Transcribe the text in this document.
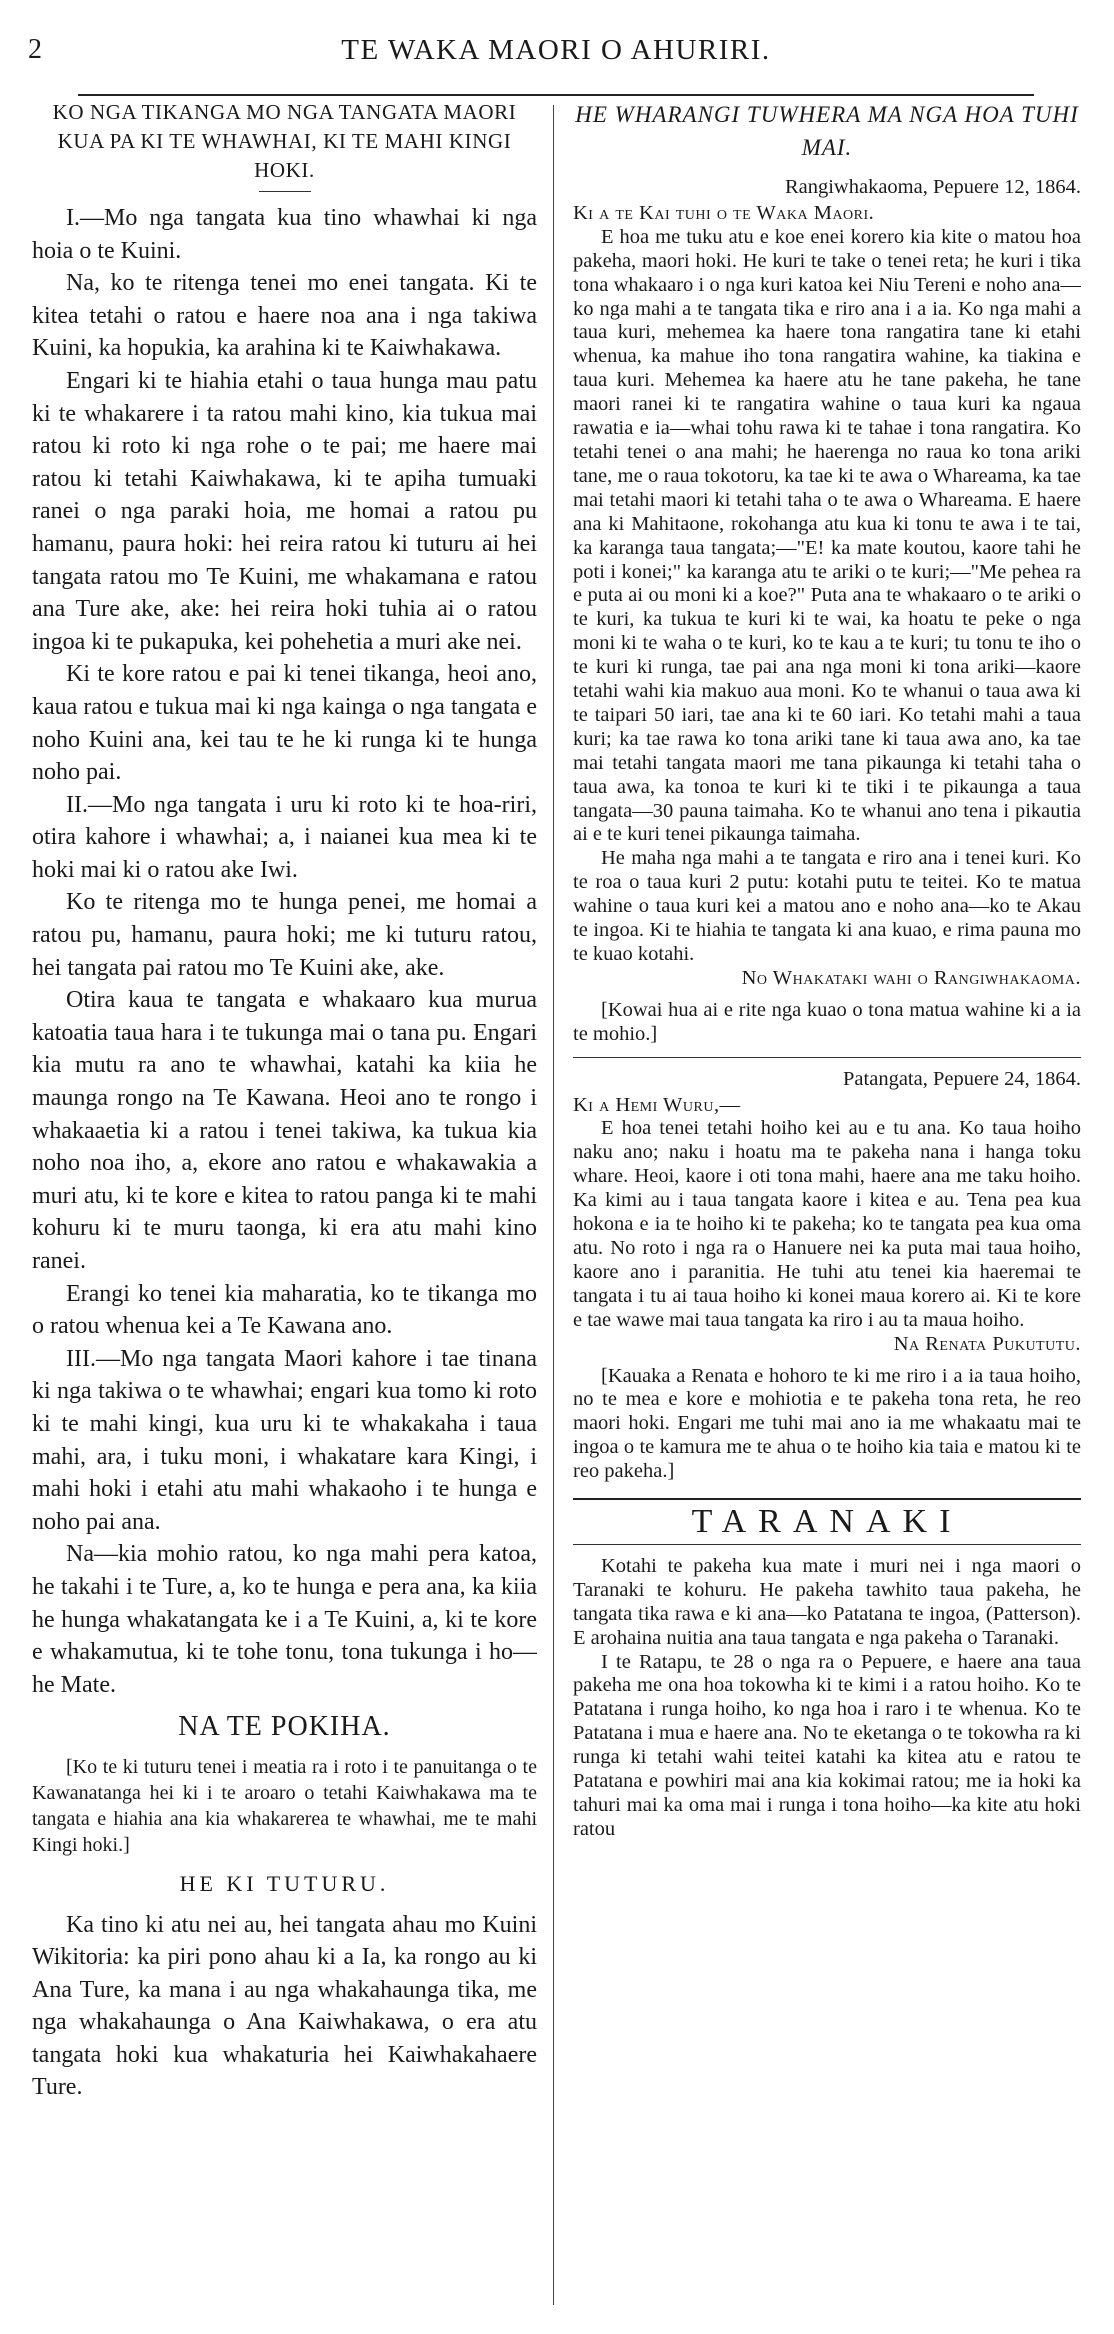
2	TE WAKA MAORI O AHURIRI.
KO NGA TIKANGA MO NGA TANGATA MAORI KUA PA KI TE WHAWHAI, KI TE MAHI KINGI HOKI.

I.—Mo nga tangata kua tino whawhai ki nga hoia o te Kuini.

Na, ko te ritenga tenei mo enei tangata. Ki te kitea tetahi o ratou e haere noa ana i nga takiwa Kuini, ka hopukia, ka arahina ki te Kaiwhakawa.

Engari ki te hiahia etahi o taua hunga mau patu ki te whakarere i ta ratou mahi kino, kia tukua mai ratou ki roto ki nga rohe o te pai; me haere mai ratou ki tetahi Kaiwhakawa, ki te apiha tumuaki ranei o nga paraki hoia, me homai a ratou pu hamanu, paura hoki: hei reira ratou ki tuturu ai hei tangata ratou mo Te Kuini, me whakamana e ratou ana Ture ake, ake: hei reira hoki tuhia ai o ratou ingoa ki te pukapuka, kei pohehetia a muri ake nei.

Ki te kore ratou e pai ki tenei tikanga, heoi ano, kaua ratou e tukua mai ki nga kainga o nga tangata e noho Kuini ana, kei tau te he ki runga ki te hunga noho pai.

II.—Mo nga tangata i uru ki roto ki te hoa-riri, otira kahore i whawhai; a, i naianei kua mea ki te hoki mai ki o ratou ake Iwi.

Ko te ritenga mo te hunga penei, me homai a ratou pu, hamanu, paura hoki; me ki tuturu ratou, hei tangata pai ratou mo Te Kuini ake, ake.

Otira kaua te tangata e whakaaro kua murua katoatia taua hara i te tukunga mai o tana pu. Engari kia mutu ra ano te whawhai, katahi ka kiia he maunga rongo na Te Kawana. Heoi ano te rongo i whakaaetia ki a ratou i tenei takiwa, ka tukua kia noho noa iho, a, ekore ano ratou e whakawakia a muri atu, ki te kore e kitea to ratou panga ki te mahi kohuru ki te muru taonga, ki era atu mahi kino ranei.

Erangi ko tenei kia maharatia, ko te tikanga mo o ratou whenua kei a Te Kawana ano.

III.—Mo nga tangata Maori kahore i tae tinana ki nga takiwa o te whawhai; engari kua tomo ki roto ki te mahi kingi, kua uru ki te whakakaha i taua mahi, ara, i tuku moni, i whakatare kara Kingi, i mahi hoki i etahi atu mahi whakaoho i te hunga e noho pai ana.

Na—kia mohio ratou, ko nga mahi pera katoa, he takahi i te Ture, a, ko te hunga e pera ana, ka kiia he hunga whakatangata ke i a Te Kuini, a, ki te kore e whakamutua, ki te tohe tonu, tona tukunga i ho—he Mate.

NA TE POKIHA.

[Ko te ki tuturu tenei i meatia ra i roto i te panuitanga o te Kawanatanga hei ki i te aroaro o tetahi Kaiwhakawa ma te tangata e hiahia ana kia whakarerea te whawhai, me te mahi Kingi hoki.]

HE KI TUTURU.

Ka tino ki atu nei au, hei tangata ahau mo Kuini Wikitoria: ka piri pono ahau ki a Ia, ka rongo au ki Ana Ture, ka mana i au nga whakahaunga tika, me nga whakahaunga o Ana Kaiwhakawa, o era atu tangata hoki kua whakaturia hei Kaiwhakahaere Ture.

HE WHARANGI TUWHERA MA NGA HOA TUHI MAI.

Rangiwhakaoma, Pepuere 12, 1864.

Ki a te Kai tuhi o te Waka Maori.

E hoa me tuku atu e koe enei korero kia kite o matou hoa pakeha, maori hoki. He kuri te take o tenei reta; he kuri i tika tona whakaaro i o nga kuri katoa kei Niu Tereni e noho ana—ko nga mahi a te tangata tika e riro ana i a ia. Ko nga mahi a taua kuri, mehemea ka haere tona rangatira tane ki etahi whenua, ka mahue iho tona rangatira wahine, ka tiakina e taua kuri. Mehemea ka haere atu he tane pakeha, he tane maori ranei ki te rangatira wahine o taua kuri ka ngaua rawatia e ia—whai tohu rawa ki te tahae i tona rangatira. Ko tetahi tenei o ana mahi; he haerenga no raua ko tona ariki tane, me o raua tokotoru, ka tae ki te awa o Whareama, ka tae mai tetahi maori ki tetahi taha o te awa o Whareama. E haere ana ki Mahitaone, rokohanga atu kua ki tonu te awa i te tai, ka karanga taua tangata;—"E! ka mate koutou, kaore tahi he poti i konei;" ka karanga atu te ariki o te kuri;—"Me pehea ra e puta ai ou moni ki a koe?" Puta ana te whakaaro o te ariki o te kuri, ka tukua te kuri ki te wai, ka hoatu te peke o nga moni ki te waha o te kuri, ko te kau a te kuri; tu tonu te iho o te kuri ki runga, tae pai ana nga moni ki tona ariki—kaore tetahi wahi kia makuo aua moni. Ko te whanui o taua awa ki te taipari 50 iari, tae ana ki te 60 iari. Ko tetahi mahi a taua kuri; ka tae rawa ko tona ariki tane ki taua awa ano, ka tae mai tetahi tangata maori me tana pikaunga ki tetahi taha o taua awa, ka tonoa te kuri ki te tiki i te pikaunga a taua tangata—30 pauna taimaha. Ko te whanui ano tena i pikautia ai e te kuri tenei pikaunga taimaha.

He maha nga mahi a te tangata e riro ana i tenei kuri. Ko te roa o taua kuri 2 putu: kotahi putu te teitei. Ko te matua wahine o taua kuri kei a matou ano e noho ana—ko te Akau te ingoa. Ki te hiahia te tangata ki ana kuao, e rima pauna mo te kuao kotahi.

No Whakataki wahi o Rangiwhakaoma.

[Kowai hua ai e rite nga kuao o tona matua wahine ki a ia te mohio.]

Patangata, Pepuere 24, 1864.

Ki a Hemi Wuru,—

E hoa tenei tetahi hoiho kei au e tu ana. Ko taua hoiho naku ano; naku i hoatu ma te pakeha nana i hanga toku whare. Heoi, kaore i oti tona mahi, haere ana me taku hoiho. Ka kimi au i taua tangata kaore i kitea e au. Tena pea kua hokona e ia te hoiho ki te pakeha; ko te tangata pea kua oma atu. No roto i nga ra o Hanuere nei ka puta mai taua hoiho, kaore ano i paranitia. He tuhi atu tenei kia haeremai te tangata i tu ai taua hoiho ki konei maua korero ai. Ki te kore e tae wawe mai taua tangata ka riro i au ta maua hoiho.

Na Renata Pukututu.

[Kauaka a Renata e hohoro te ki me riro i a ia taua hoiho, no te mea e kore e mohiotia e te pakeha tona reta, he reo maori hoki. Engari me tuhi mai ano ia me whakaatu mai te ingoa o te kamura me te ahua o te hoiho kia taia e matou ki te reo pakeha.]

TARANAKI

Kotahi te pakeha kua mate i muri nei i nga maori o Taranaki te kohuru. He pakeha tawhito taua pakeha, he tangata tika rawa e ki ana—ko Patatana te ingoa, (Patterson). E arohaina nuitia ana taua tangata e nga pakeha o Taranaki.

I te Ratapu, te 28 o nga ra o Pepuere, e haere ana taua pakeha me ona hoa tokowha ki te kimi i a ratou hoiho. Ko te Patatana i runga hoiho, ko nga hoa i raro i te whenua. Ko te Patatana i mua e haere ana. No te eketanga o te tokowha ra ki runga ki tetahi wahi teitei katahi ka kitea atu e ratou te Patatana e powhiri mai ana kia kokimai ratou; me ia hoki ka tahuri mai ka oma mai i runga i tona hoiho—ka kite atu hoki ratou
